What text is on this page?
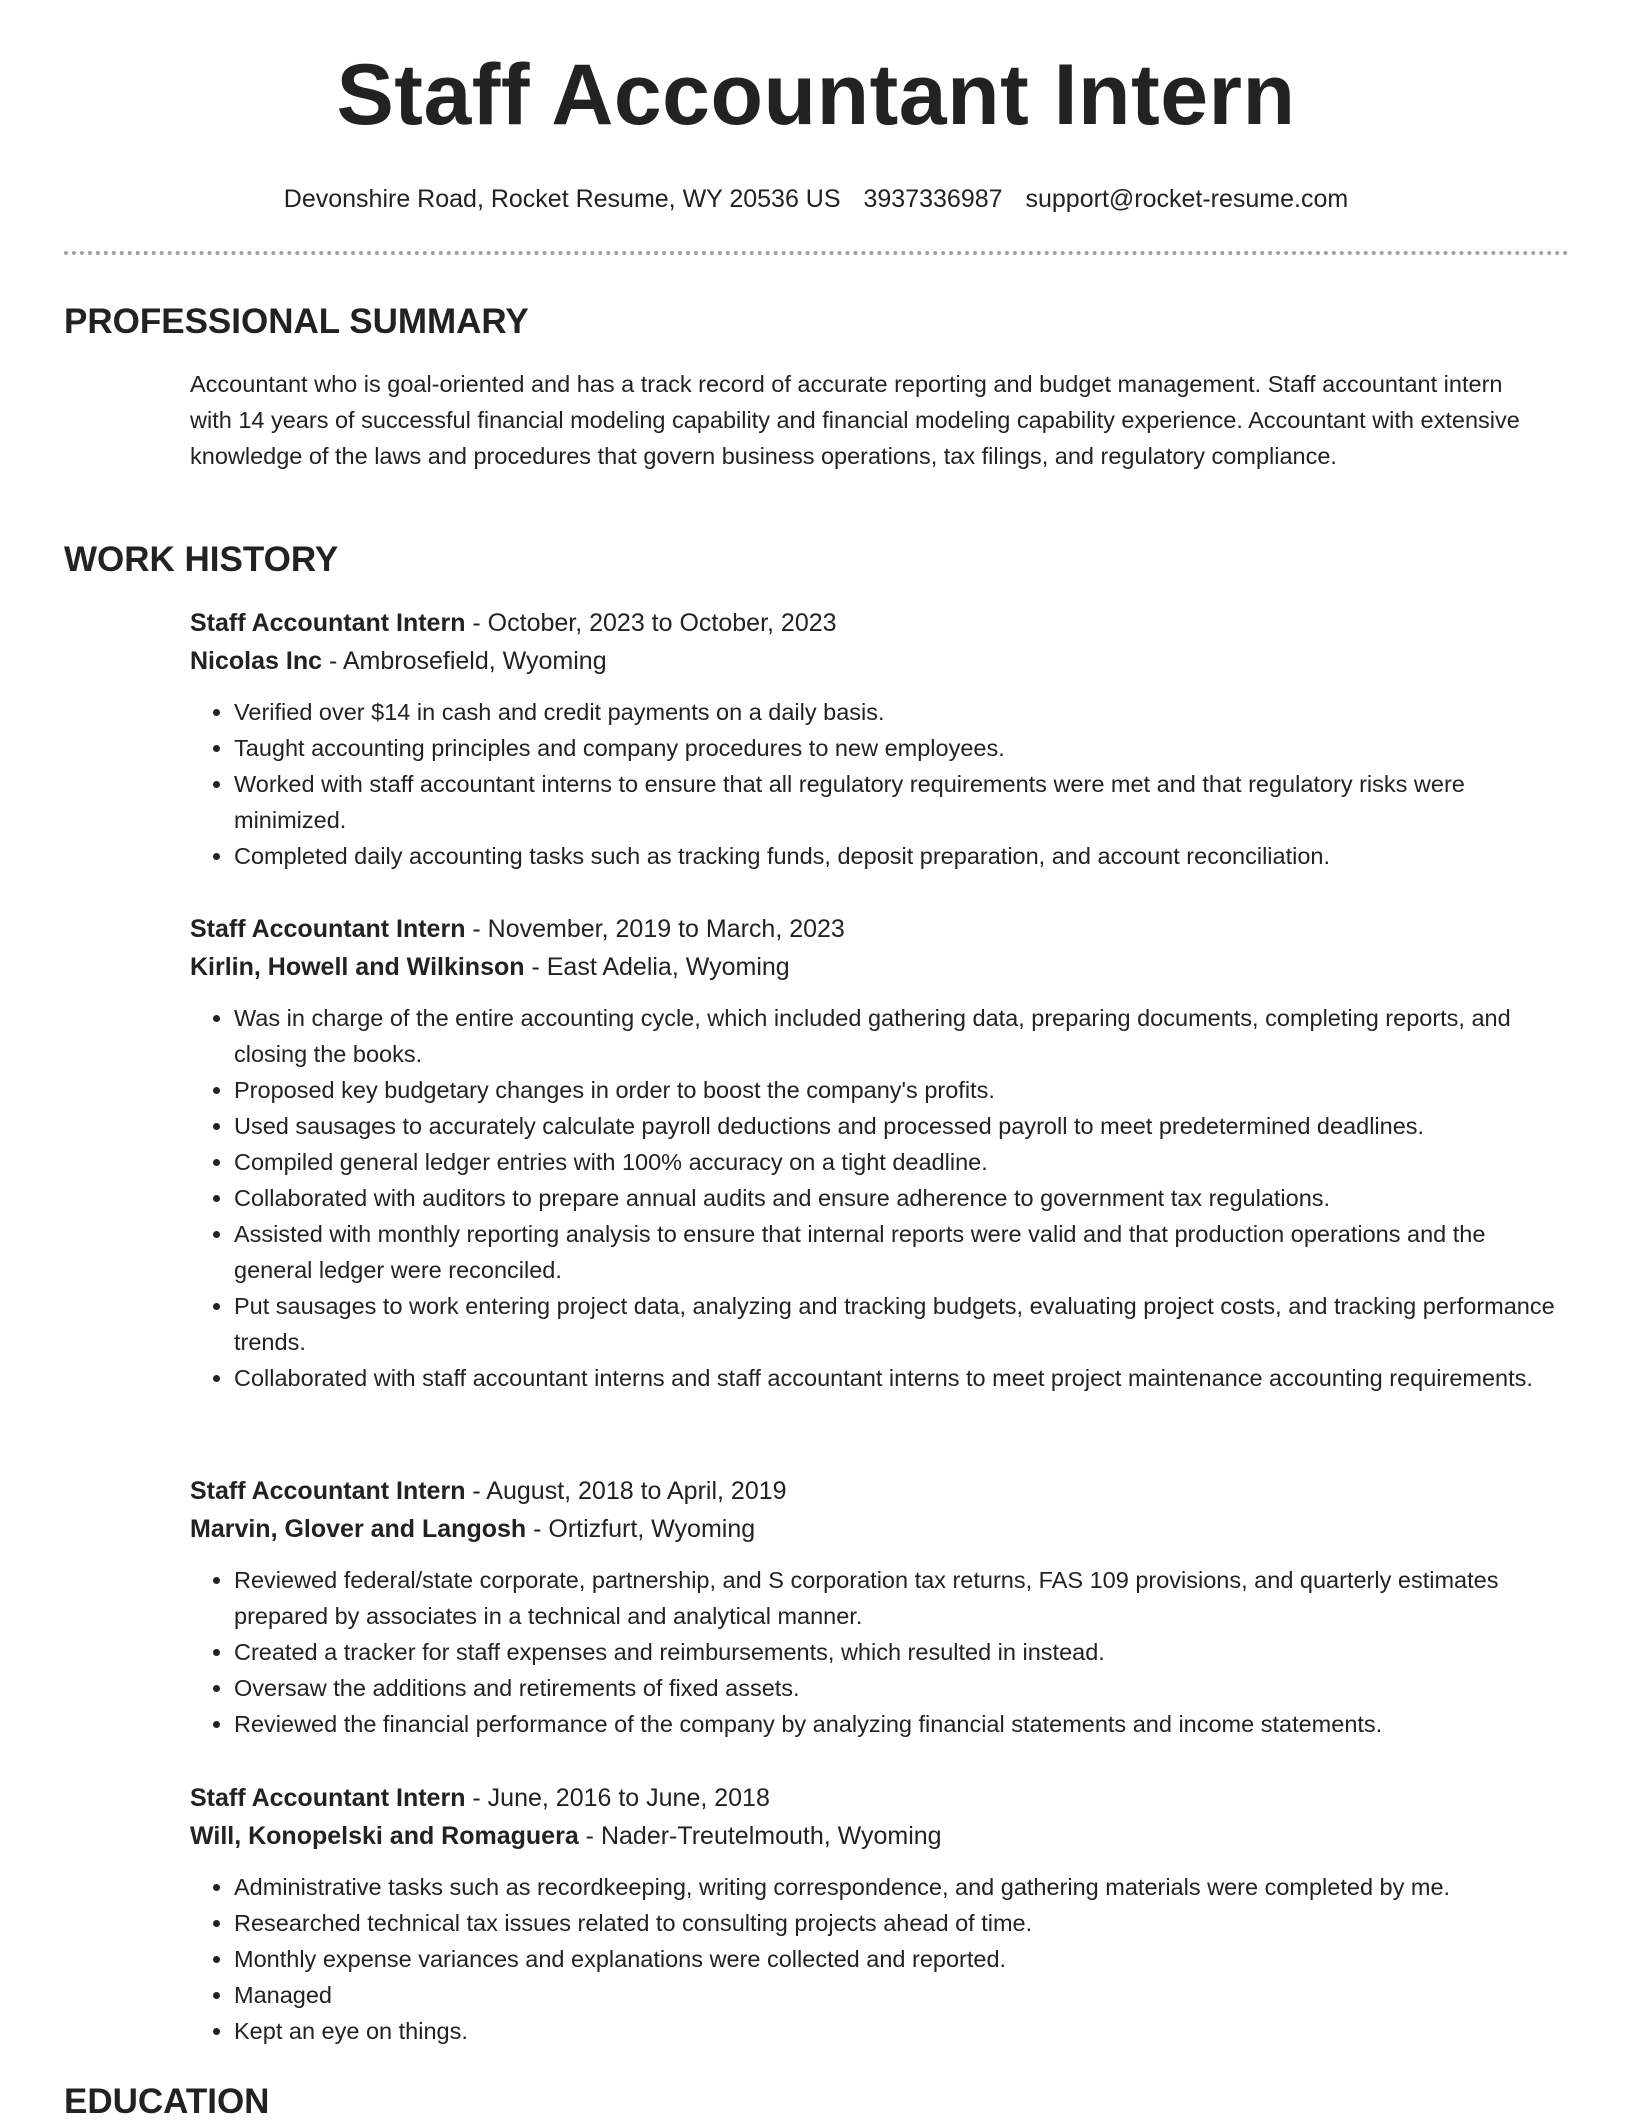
Staff Accountant Intern
Devonshire Road, Rocket Resume, WY 20536 US 3937336987 support@rocket-resume.com
PROFESSIONAL SUMMARY

Accountant who is goal-oriented and has a track record of accurate reporting and budget management. Staff accountant intern with 14 years of successful financial modeling capability and financial modeling capability experience. Accountant with extensive knowledge of the laws and procedures that govern business operations, tax filings, and regulatory compliance.

WORK HISTORY

Staff Accountant Intern - October, 2023 to October, 2023

Nicolas Inc - Ambrosefield, Wyoming

• Verified over $14 in cash and credit payments on a daily basis.
• Taught accounting principles and company procedures to new employees.
• Worked with staff accountant interns to ensure that all regulatory requirements were met and that regulatory risks were minimized.
• Completed daily accounting tasks such as tracking funds, deposit preparation, and account reconciliation.

Staff Accountant Intern - November, 2019 to March, 2023

Kirlin, Howell and Wilkinson - East Adelia, Wyoming

• Was in charge of the entire accounting cycle, which included gathering data, preparing documents, completing reports, and closing the books.
• Proposed key budgetary changes in order to boost the company's profits.
• Used sausages to accurately calculate payroll deductions and processed payroll to meet predetermined deadlines.
• Compiled general ledger entries with 100% accuracy on a tight deadline.
• Collaborated with auditors to prepare annual audits and ensure adherence to government tax regulations.
• Assisted with monthly reporting analysis to ensure that internal reports were valid and that production operations and the general ledger were reconciled.
• Put sausages to work entering project data, analyzing and tracking budgets, evaluating project costs, and tracking performance trends.
• Collaborated with staff accountant interns and staff accountant interns to meet project maintenance accounting requirements.

Staff Accountant Intern - August, 2018 to April, 2019

Marvin, Glover and Langosh - Ortizfurt, Wyoming

• Reviewed federal/state corporate, partnership, and S corporation tax returns, FAS 109 provisions, and quarterly estimates prepared by associates in a technical and analytical manner.
• Created a tracker for staff expenses and reimbursements, which resulted in instead.
• Oversaw the additions and retirements of fixed assets.
• Reviewed the financial performance of the company by analyzing financial statements and income statements.

Staff Accountant Intern - June, 2016 to June, 2018

Will, Konopelski and Romaguera - Nader-Treutelmouth, Wyoming

• Administrative tasks such as recordkeeping, writing correspondence, and gathering materials were completed by me.
• Researched technical tax issues related to consulting projects ahead of time.
• Monthly expense variances and explanations were collected and reported.
• Managed
• Kept an eye on things.
EDUCATION
